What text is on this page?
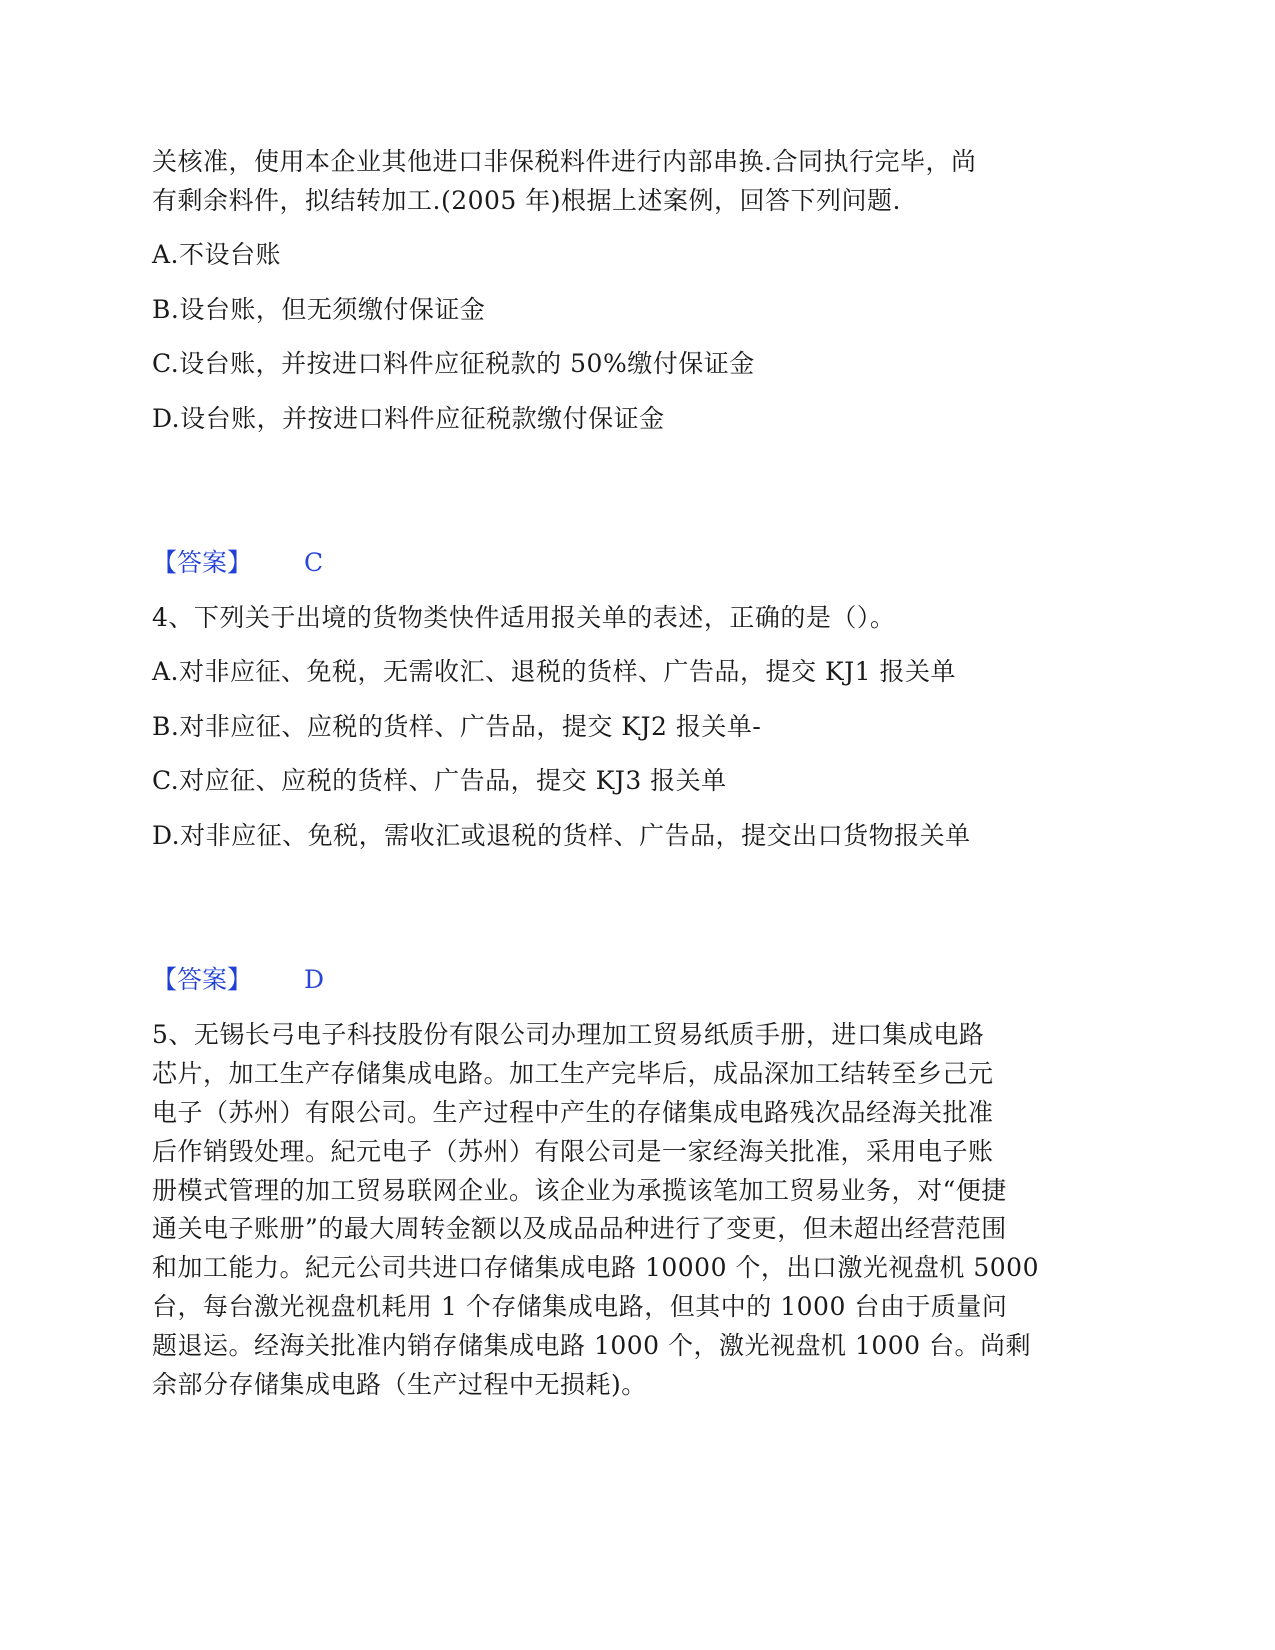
关核准，使用本企业其他进口非保税料件进行内部串换.合同执行完毕，尚
有剩余料件，拟结转加工.(2005 年)根据上述案例，回答下列问题.
A.不设台账
B.设台账，但无须缴付保证金
C.设台账，并按进口料件应征税款的 50%缴付保证金
D.设台账，并按进口料件应征税款缴付保证金
【答案】 C
4、下列关于出境的货物类快件适用报关单的表述，正确的是（）。
A.对非应征、免税，无需收汇、退税的货样、广告品，提交 KJ1 报关单
B.对非应征、应税的货样、广告品，提交 KJ2 报关单-
C.对应征、应税的货样、广告品，提交 KJ3 报关单
D.对非应征、免税，需收汇或退税的货样、广告品，提交出口货物报关单
【答案】 D
5、无锡长弓电子科技股份有限公司办理加工贸易纸质手册，进口集成电路
芯片，加工生产存储集成电路。加工生产完毕后，成品深加工结转至乡己元
电子（苏州）有限公司。生产过程中产生的存储集成电路残次品经海关批准
后作销毁处理。紀元电子（苏州）有限公司是一家经海关批准，采用电子账
册模式管理的加工贸易联网企业。该企业为承揽该笔加工贸易业务，对“便捷
通关电子账册”的最大周转金额以及成品品种进行了变更，但未超出经营范围
和加工能力。紀元公司共进口存储集成电路 10000 个，出口激光视盘机 5000
台，每台激光视盘机耗用 1 个存储集成电路，但其中的 1000 台由于质量问
题退运。经海关批准内销存储集成电路 1000 个，激光视盘机 1000 台。尚剩
余部分存储集成电路（生产过程中无损耗)。
